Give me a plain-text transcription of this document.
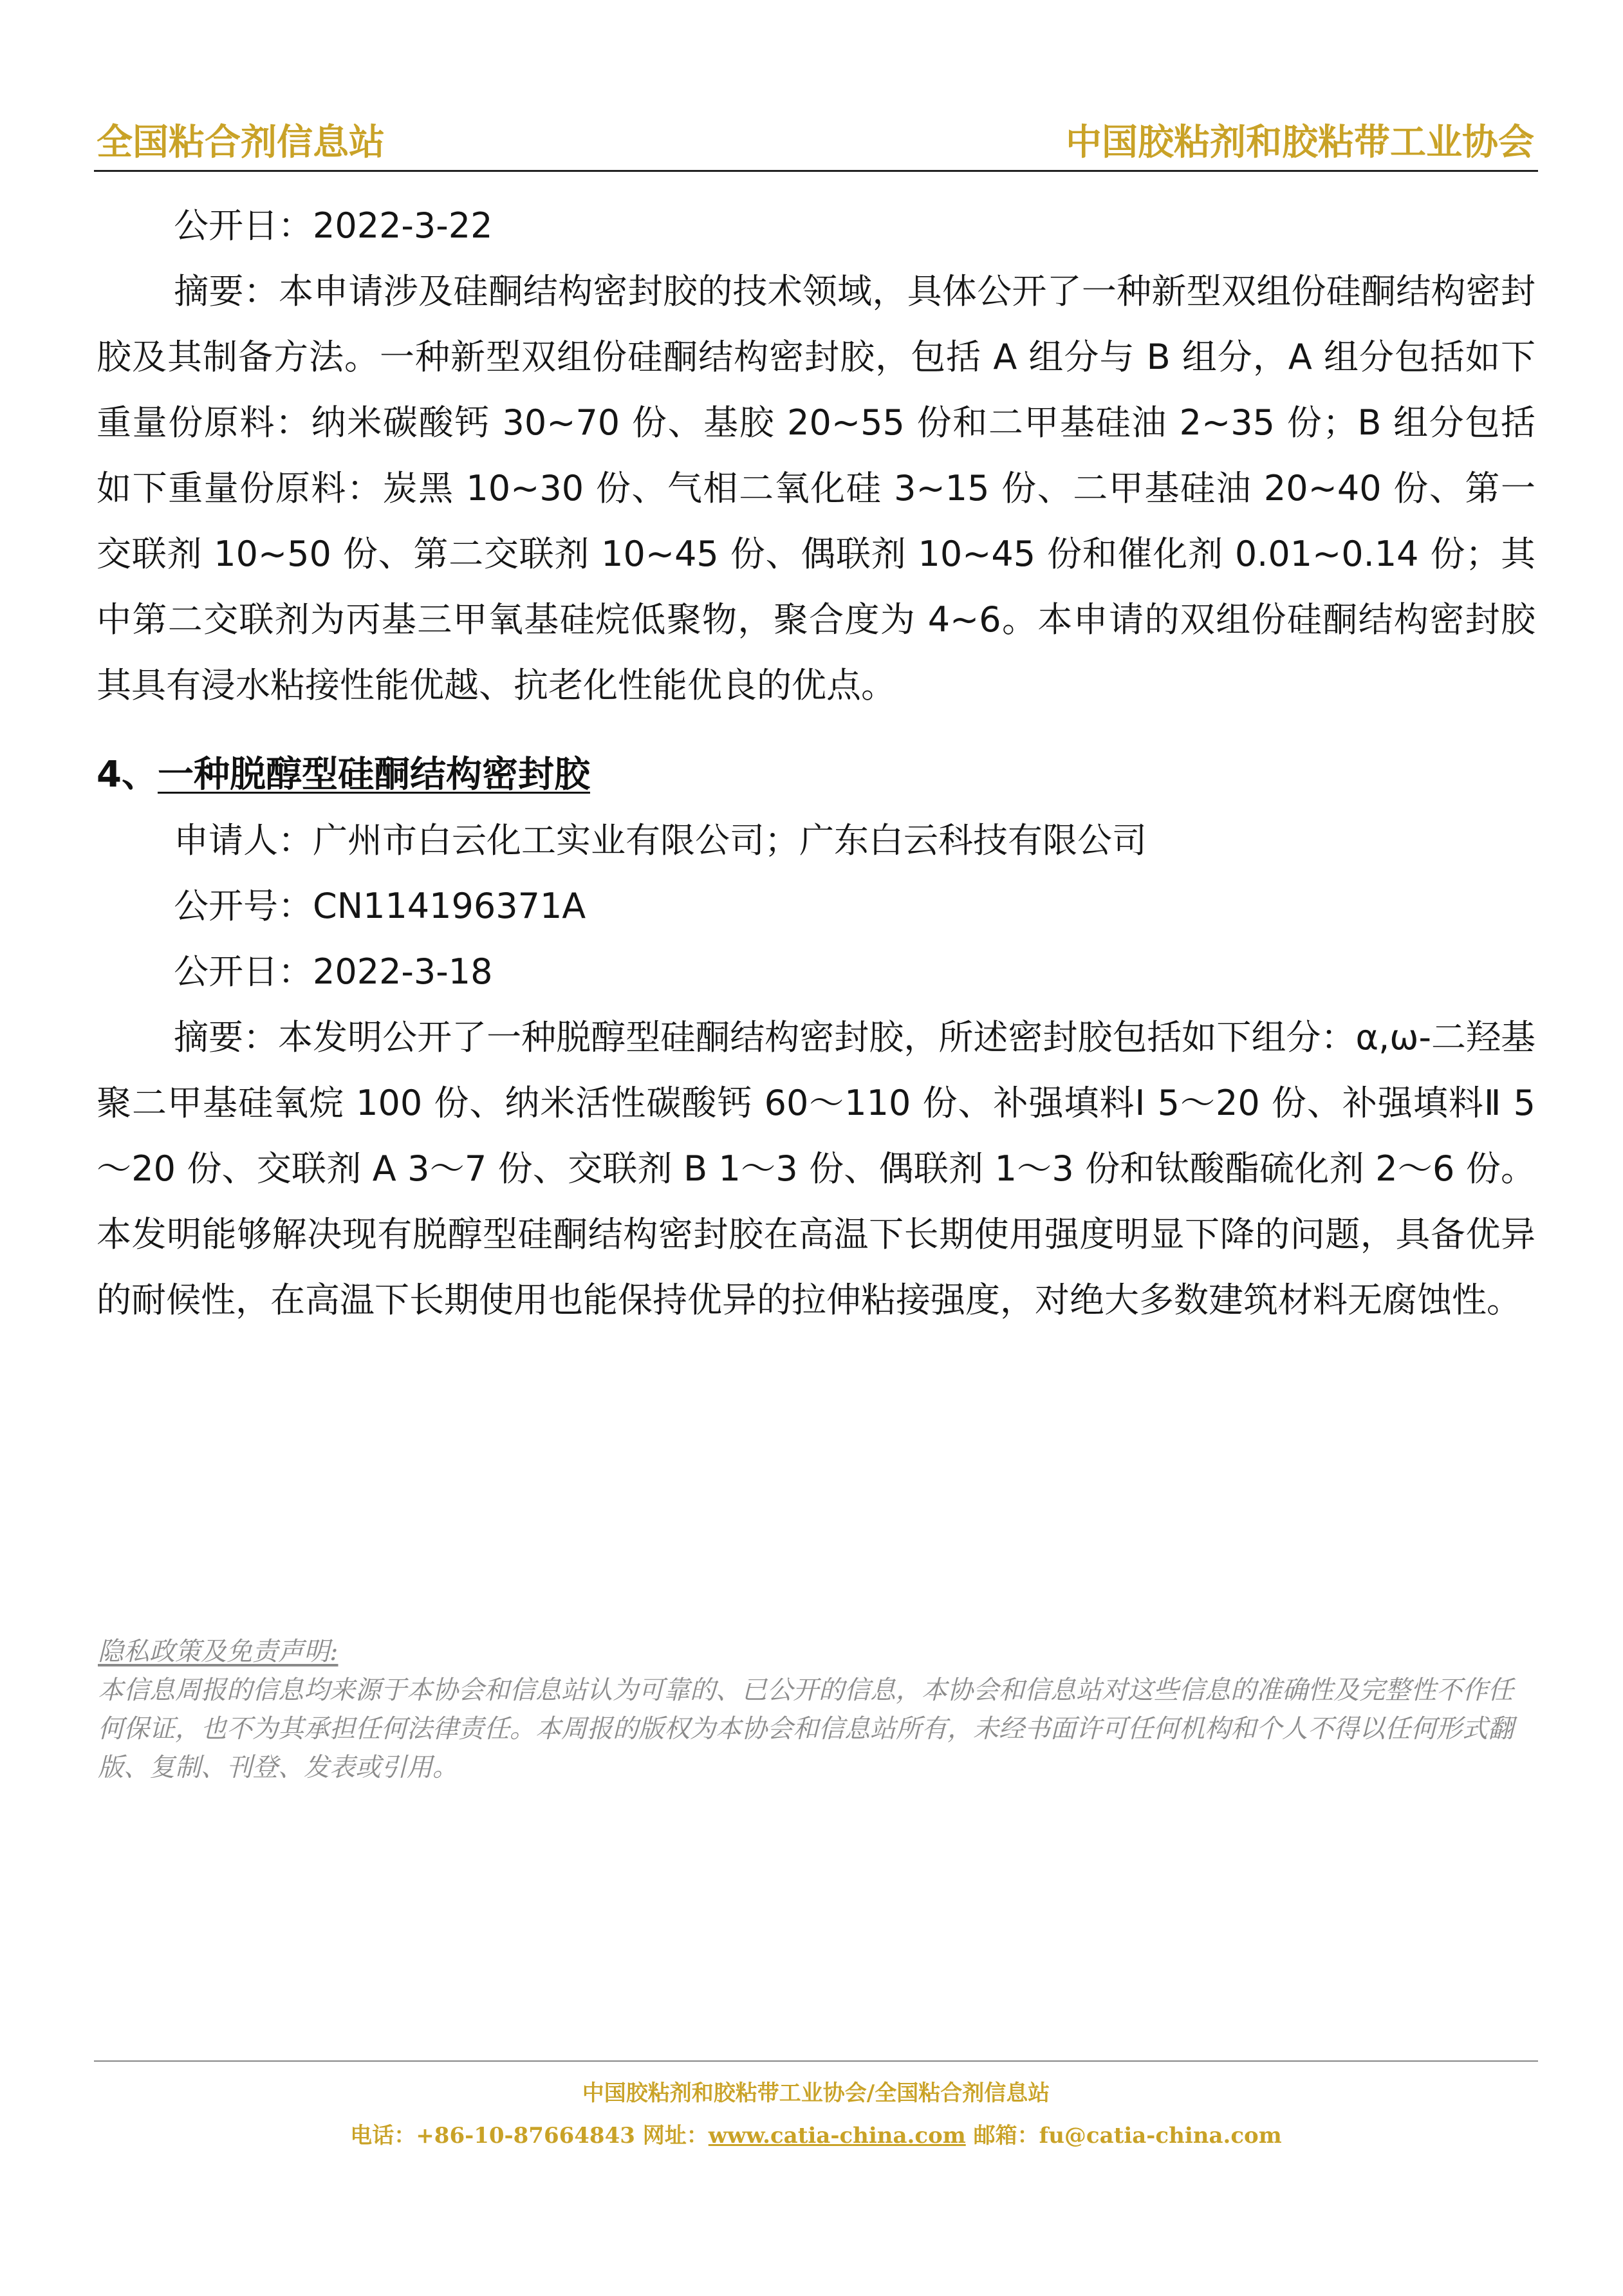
全国粘合剂信息站	中国胶粘剂和胶粘带工业协会
公开日：2022-3-22
摘要：本申请涉及硅酮结构密封胶的技术领域，具体公开了一种新型双组份硅酮结构密封胶及其制备方法。一种新型双组份硅酮结构密封胶，包括 A 组分与 B 组分，A 组分包括如下重量份原料：纳米碳酸钙 30~70 份、基胶 20~55 份和二甲基硅油 2~35 份；B 组分包括如下重量份原料：炭黑 10~30 份、气相二氧化硅 3~15 份、二甲基硅油 20~40 份、第一交联剂 10~50 份、第二交联剂 10~45 份、偶联剂 10~45 份和催化剂 0.01~0.14 份；其中第二交联剂为丙基三甲氧基硅烷低聚物，聚合度为 4~6。本申请的双组份硅酮结构密封胶其具有浸水粘接性能优越、抗老化性能优良的优点。
4、一种脱醇型硅酮结构密封胶
申请人：广州市白云化工实业有限公司；广东白云科技有限公司
公开号：CN114196371A
公开日：2022-3-18
摘要：本发明公开了一种脱醇型硅酮结构密封胶，所述密封胶包括如下组分：α,ω-二羟基聚二甲基硅氧烷 100 份、纳米活性碳酸钙 60～110 份、补强填料Ⅰ 5～20 份、补强填料Ⅱ 5～20 份、交联剂 A 3～7 份、交联剂 B 1～3 份、偶联剂 1～3 份和钛酸酯硫化剂 2～6 份。本发明能够解决现有脱醇型硅酮结构密封胶在高温下长期使用强度明显下降的问题，具备优异的耐候性，在高温下长期使用也能保持优异的拉伸粘接强度，对绝大多数建筑材料无腐蚀性。
隐私政策及免责声明:
本信息周报的信息均来源于本协会和信息站认为可靠的、已公开的信息，本协会和信息站对这些信息的准确性及完整性不作任何保证，也不为其承担任何法律责任。本周报的版权为本协会和信息站所有，未经书面许可任何机构和个人不得以任何形式翻版、复制、刊登、发表或引用。
中国胶粘剂和胶粘带工业协会/全国粘合剂信息站
电话：+86-10-87664843 网址：www.catia-china.com 邮箱：fu@catia-china.com
